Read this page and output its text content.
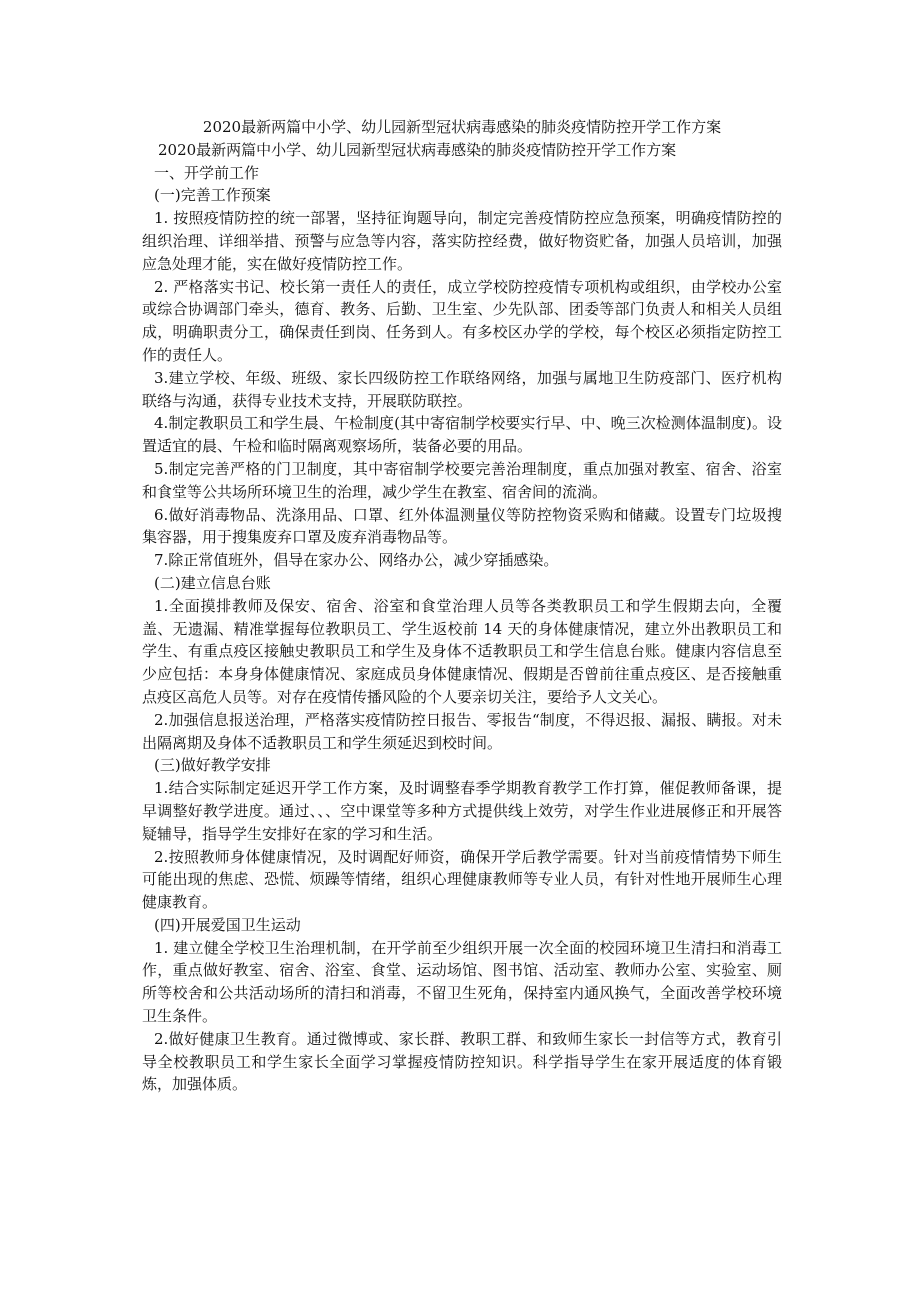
2020最新两篇中小学、幼儿园新型冠状病毒感染的肺炎疫情防控开学工作方案

2020最新两篇中小学、幼儿园新型冠状病毒感染的肺炎疫情防控开学工作方案

一、开学前工作

(一)完善工作预案

1. 按照疫情防控的统一部署，坚持征询题导向，制定完善疫情防控应急预案，明确疫情防控的组织治理、详细举措、预警与应急等内容，落实防控经费，做好物资贮备，加强人员培训，加强应急处理才能，实在做好疫情防控工作。

2. 严格落实书记、校长第一责任人的责任，成立学校防控疫情专项机构或组织，由学校办公室或综合协调部门牵头，德育、教务、后勤、卫生室、少先队部、团委等部门负责人和相关人员组成，明确职责分工，确保责任到岗、任务到人。有多校区办学的学校，每个校区必须指定防控工作的责任人。

3.建立学校、年级、班级、家长四级防控工作联络网络，加强与属地卫生防疫部门、医疗机构联络与沟通，获得专业技术支持，开展联防联控。

4.制定教职员工和学生晨、午检制度(其中寄宿制学校要实行早、中、晚三次检测体温制度)。设置适宜的晨、午检和临时隔离观察场所，装备必要的用品。

5.制定完善严格的门卫制度，其中寄宿制学校要完善治理制度，重点加强对教室、宿舍、浴室和食堂等公共场所环境卫生的治理，减少学生在教室、宿舍间的流淌。

6.做好消毒物品、洗涤用品、口罩、红外体温测量仪等防控物资采购和储藏。设置专门垃圾搜集容器，用于搜集废弃口罩及废弃消毒物品等。

7.除正常值班外，倡导在家办公、网络办公，减少穿插感染。

(二)建立信息台账

1.全面摸排教师及保安、宿舍、浴室和食堂治理人员等各类教职员工和学生假期去向，全覆盖、无遗漏、精准掌握每位教职员工、学生返校前 14 天的身体健康情况，建立外出教职员工和学生、有重点疫区接触史教职员工和学生及身体不适教职员工和学生信息台账。健康内容信息至少应包括：本身身体健康情况、家庭成员身体健康情况、假期是否曾前往重点疫区、是否接触重点疫区高危人员等。对存在疫情传播风险的个人要亲切关注，要给予人文关心。

2.加强信息报送治理，严格落实疫情防控日报告、零报告“制度，不得迟报、漏报、瞒报。对未出隔离期及身体不适教职员工和学生须延迟到校时间。

(三)做好教学安排

1.结合实际制定延迟开学工作方案，及时调整春季学期教育教学工作打算，催促教师备课，提早调整好教学进度。通过、、、空中课堂等多种方式提供线上效劳，对学生作业进展修正和开展答疑辅导，指导学生安排好在家的学习和生活。

2.按照教师身体健康情况，及时调配好师资，确保开学后教学需要。针对当前疫情情势下师生可能出现的焦虑、恐慌、烦躁等情绪，组织心理健康教师等专业人员，有针对性地开展师生心理健康教育。

(四)开展爱国卫生运动

1. 建立健全学校卫生治理机制，在开学前至少组织开展一次全面的校园环境卫生清扫和消毒工作，重点做好教室、宿舍、浴室、食堂、运动场馆、图书馆、活动室、教师办公室、实验室、厕所等校舍和公共活动场所的清扫和消毒，不留卫生死角，保持室内通风换气，全面改善学校环境卫生条件。

2.做好健康卫生教育。通过微博或、家长群、教职工群、和致师生家长一封信等方式，教育引导全校教职员工和学生家长全面学习掌握疫情防控知识。科学指导学生在家开展适度的体育锻炼，加强体质。
